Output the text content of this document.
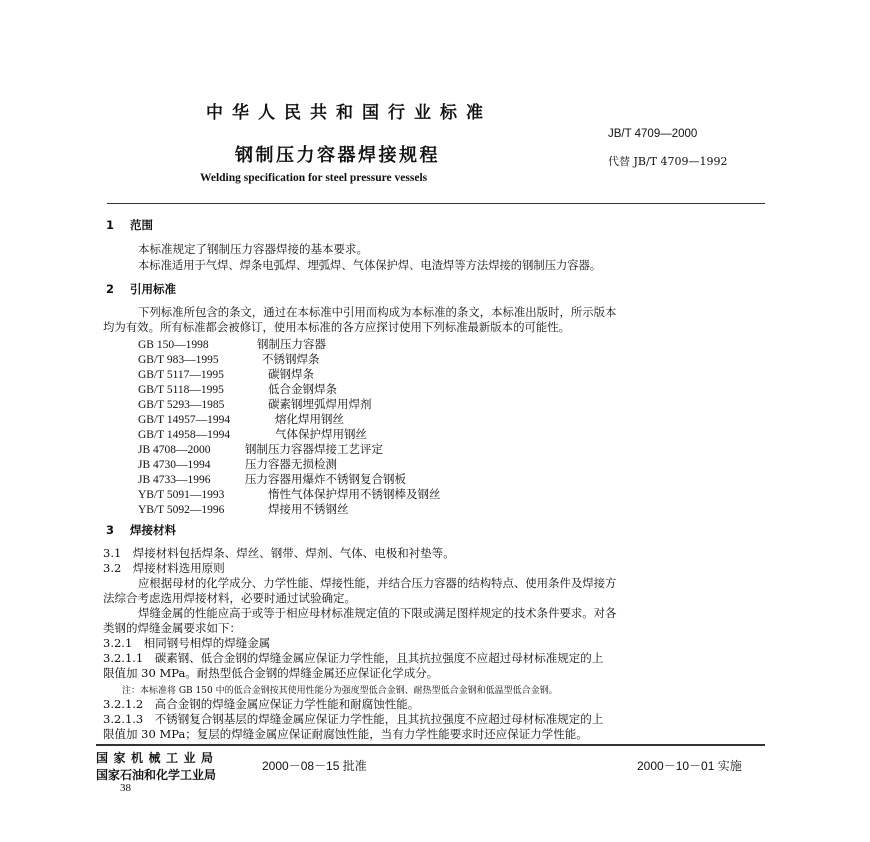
中华人民共和国行业标准
JB/T 4709—2000
钢制压力容器焊接规程	代替 JB/T 4709—1992
Welding specification for steel pressure vessels
1 范围
本标准规定了钢制压力容器焊接的基本要求。
本标准适用于气焊、焊条电弧焊、埋弧焊、气体保护焊、电渣焊等方法焊接的钢制压力容器。
2 引用标准
下列标准所包含的条文，通过在本标准中引用而构成为本标准的条文，本标准出版时，所示版本
均为有效。所有标准都会被修订，使用本标准的各方应探讨使用下列标准最新版本的可能性。
GB 150—1998	钢制压力容器
GB/T 983—1995	不锈钢焊条
GB/T 5117—1995	碳钢焊条
GB/T 5118—1995	低合金钢焊条
GB/T 5293—1985	碳素钢埋弧焊用焊剂
GB/T 14957—1994	熔化焊用钢丝
GB/T 14958—1994	气体保护焊用钢丝
JB 4708—2000	钢制压力容器焊接工艺评定
JB 4730—1994	压力容器无损检测
JB 4733—1996	压力容器用爆炸不锈钢复合钢板
YB/T 5091—1993	惰性气体保护焊用不锈钢棒及钢丝
YB/T 5092—1996	焊接用不锈钢丝
3 焊接材料
3.1　焊接材料包括焊条、焊丝、钢带、焊剂、气体、电极和衬垫等。
3.2　焊接材料选用原则
应根据母材的化学成分、力学性能、焊接性能，并结合压力容器的结构特点、使用条件及焊接方
法综合考虑选用焊接材料，必要时通过试验确定。
焊缝金属的性能应高于或等于相应母材标准规定值的下限或满足图样规定的技术条件要求。对各
类钢的焊缝金属要求如下：
3.2.1　相同钢号相焊的焊缝金属
3.2.1.1　碳素钢、低合金钢的焊缝金属应保证力学性能，且其抗拉强度不应超过母材标准规定的上
限值加 30 MPa。耐热型低合金钢的焊缝金属还应保证化学成分。
注：本标准将 GB 150 中的低合金钢按其使用性能分为强度型低合金钢、耐热型低合金钢和低温型低合金钢。
3.2.1.2　高合金钢的焊缝金属应保证力学性能和耐腐蚀性能。
3.2.1.3　不锈钢复合钢基层的焊缝金属应保证力学性能，且其抗拉强度不应超过母材标准规定的上
限值加 30 MPa；复层的焊缝金属应保证耐腐蚀性能，当有力学性能要求时还应保证力学性能。
国家机械工业局
国家石油和化学工业局
2000－08－15 批准	2000－10－01 实施
38
